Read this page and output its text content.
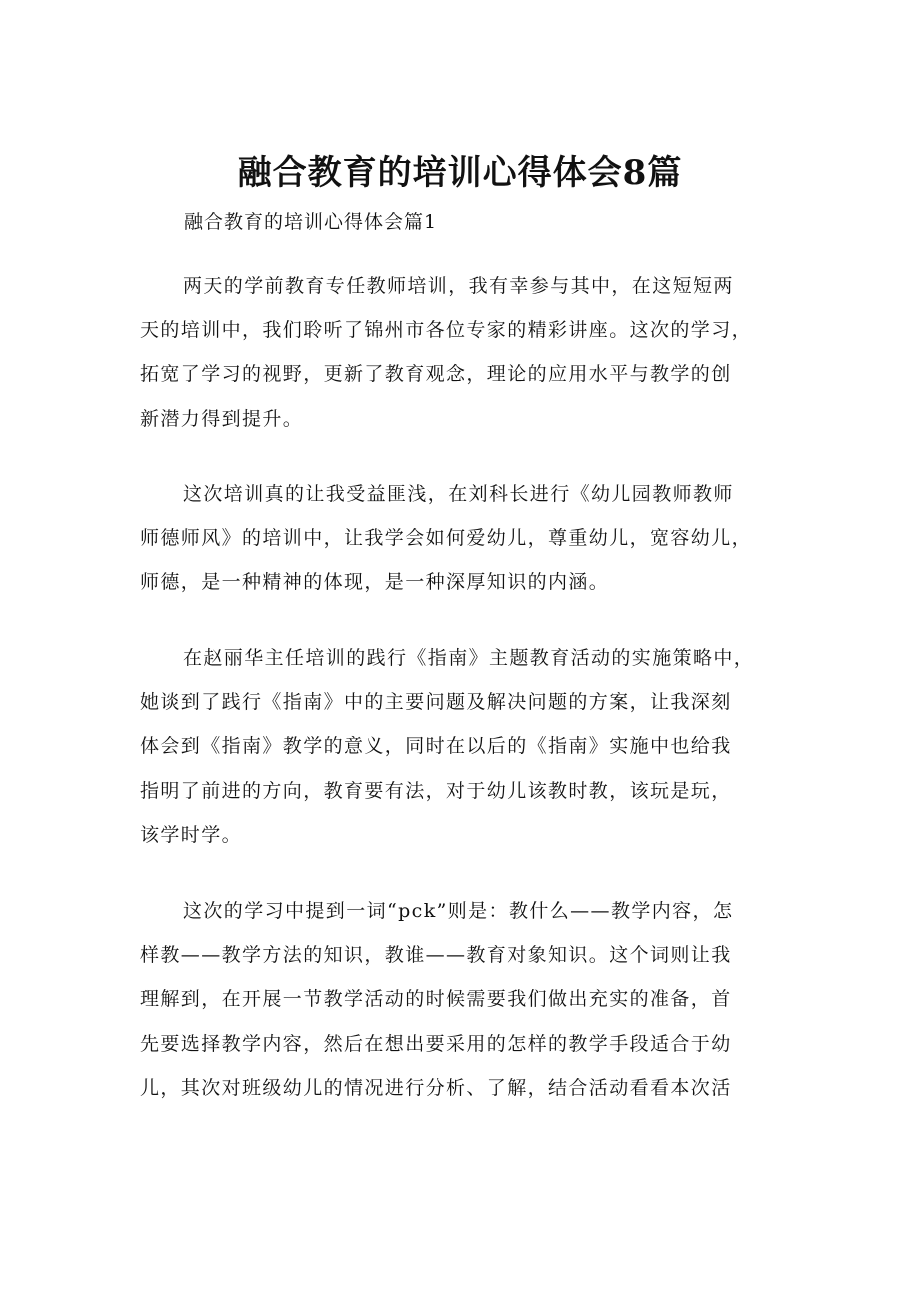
融合教育的培训心得体会8篇
融合教育的培训心得体会篇1
两天的学前教育专任教师培训，我有幸参与其中，在这短短两
天的培训中，我们聆听了锦州市各位专家的精彩讲座。这次的学习，
拓宽了学习的视野，更新了教育观念，理论的应用水平与教学的创
新潜力得到提升。
这次培训真的让我受益匪浅，在刘科长进行《幼儿园教师教师
师德师风》的培训中，让我学会如何爱幼儿，尊重幼儿，宽容幼儿，
师德，是一种精神的体现，是一种深厚知识的内涵。
在赵丽华主任培训的践行《指南》主题教育活动的实施策略中，
她谈到了践行《指南》中的主要问题及解决问题的方案，让我深刻
体会到《指南》教学的意义，同时在以后的《指南》实施中也给我
指明了前进的方向，教育要有法，对于幼儿该教时教，该玩是玩，
该学时学。
这次的学习中提到一词“pck”则是：教什么——教学内容，怎
样教——教学方法的知识，教谁——教育对象知识。这个词则让我
理解到，在开展一节教学活动的时候需要我们做出充实的准备，首
先要选择教学内容，然后在想出要采用的怎样的教学手段适合于幼
儿，其次对班级幼儿的情况进行分析、了解，结合活动看看本次活
